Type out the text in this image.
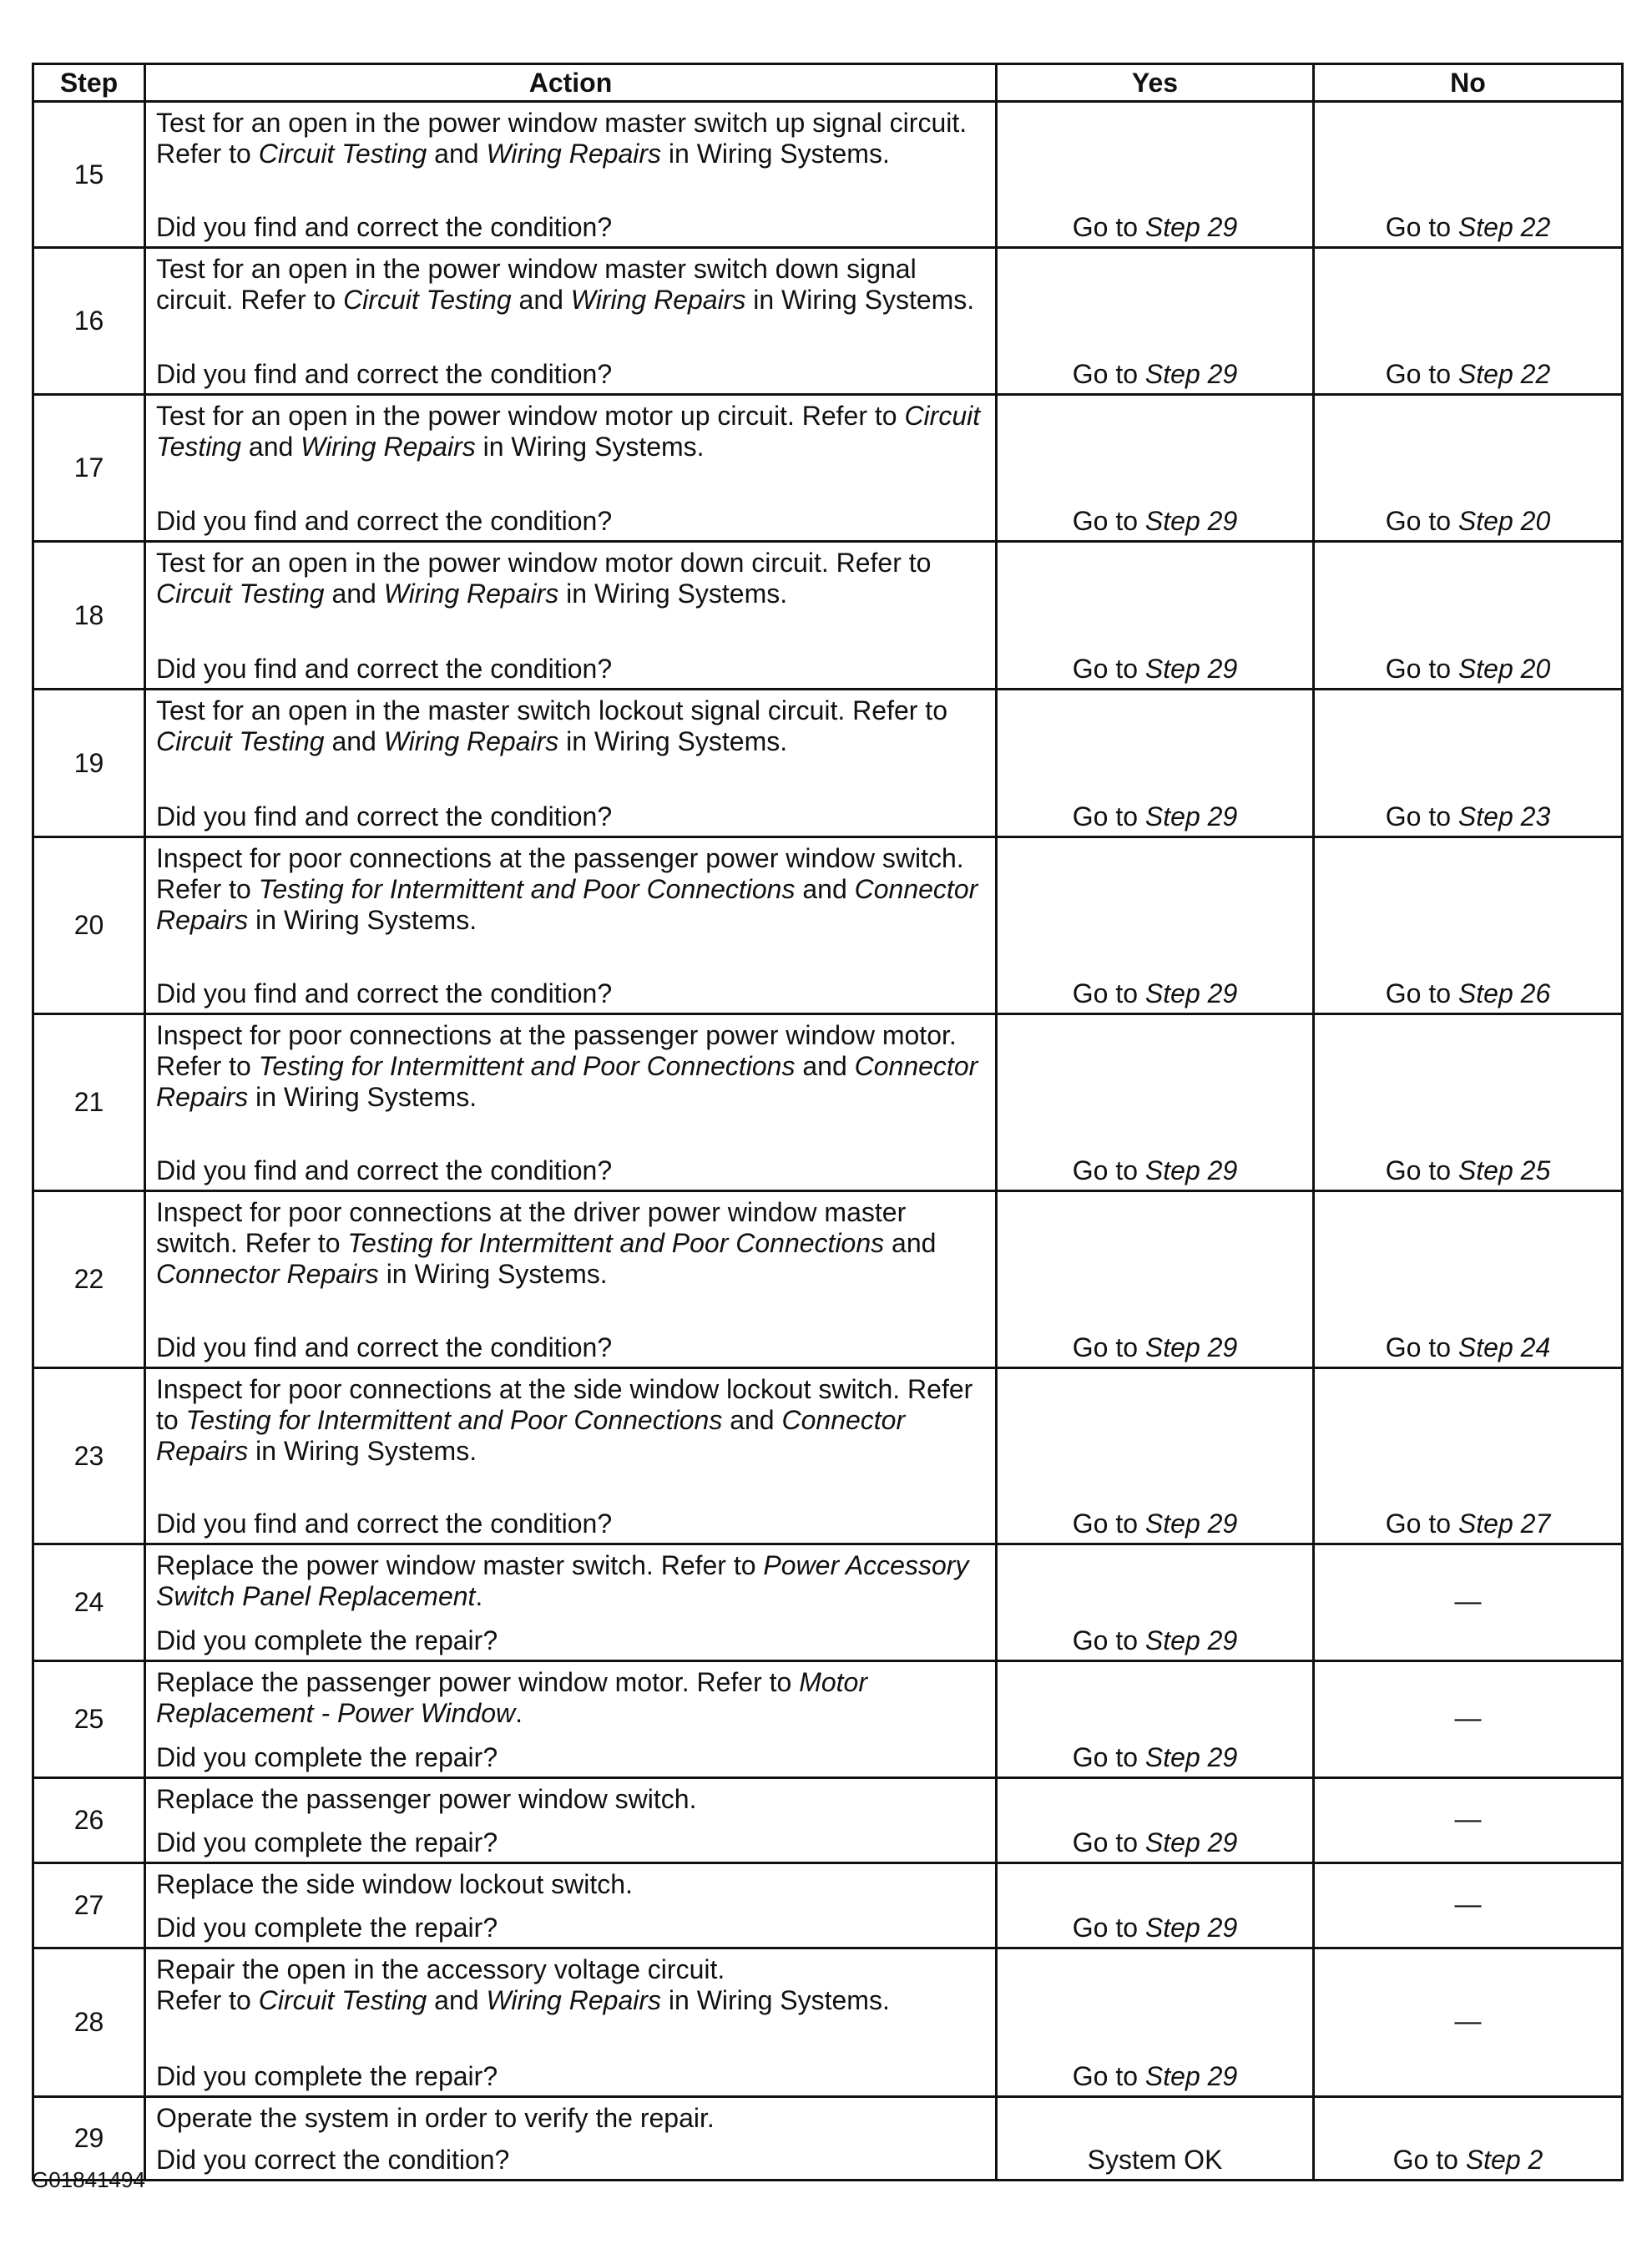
Step	Action	Yes	No
15	Test for an open in the power window master switch up signal circuit. Refer to Circuit Testing and Wiring Repairs in Wiring Systems.
Did you find and correct the condition?	Go to Step 29	Go to Step 22

16	Test for an open in the power window master switch down signal circuit. Refer to Circuit Testing and Wiring Repairs in Wiring Systems.
Did you find and correct the condition?	Go to Step 29	Go to Step 22

17	Test for an open in the power window motor up circuit. Refer to Circuit Testing and Wiring Repairs in Wiring Systems.
Did you find and correct the condition?	Go to Step 29	Go to Step 20

18	Test for an open in the power window motor down circuit. Refer to Circuit Testing and Wiring Repairs in Wiring Systems.
Did you find and correct the condition?	Go to Step 29	Go to Step 20

19	Test for an open in the master switch lockout signal circuit. Refer to Circuit Testing and Wiring Repairs in Wiring Systems.
Did you find and correct the condition?	Go to Step 29	Go to Step 23

20	Inspect for poor connections at the passenger power window switch. Refer to Testing for Intermittent and Poor Connections and Connector Repairs in Wiring Systems.
Did you find and correct the condition?	Go to Step 29	Go to Step 26

21	Inspect for poor connections at the passenger power window motor. Refer to Testing for Intermittent and Poor Connections and Connector Repairs in Wiring Systems.
Did you find and correct the condition?	Go to Step 29	Go to Step 25

22	Inspect for poor connections at the driver power window master switch. Refer to Testing for Intermittent and Poor Connections and Connector Repairs in Wiring Systems.
Did you find and correct the condition?	Go to Step 29	Go to Step 24

23	Inspect for poor connections at the side window lockout switch. Refer to Testing for Intermittent and Poor Connections and Connector Repairs in Wiring Systems.
Did you find and correct the condition?	Go to Step 29	Go to Step 27

24	Replace the power window master switch. Refer to Power Accessory Switch Panel Replacement.
Did you complete the repair?	Go to Step 29	—

25	Replace the passenger power window motor. Refer to Motor Replacement - Power Window.
Did you complete the repair?	Go to Step 29	—

26	Replace the passenger power window switch.
Did you complete the repair?	Go to Step 29	—

27	Replace the side window lockout switch.
Did you complete the repair?	Go to Step 29	—

28	Repair the open in the accessory voltage circuit.
Refer to Circuit Testing and Wiring Repairs in Wiring Systems.
Did you complete the repair?	Go to Step 29	—

29	Operate the system in order to verify the repair.
Did you correct the condition?	System OK	Go to Step 2
G01841494
